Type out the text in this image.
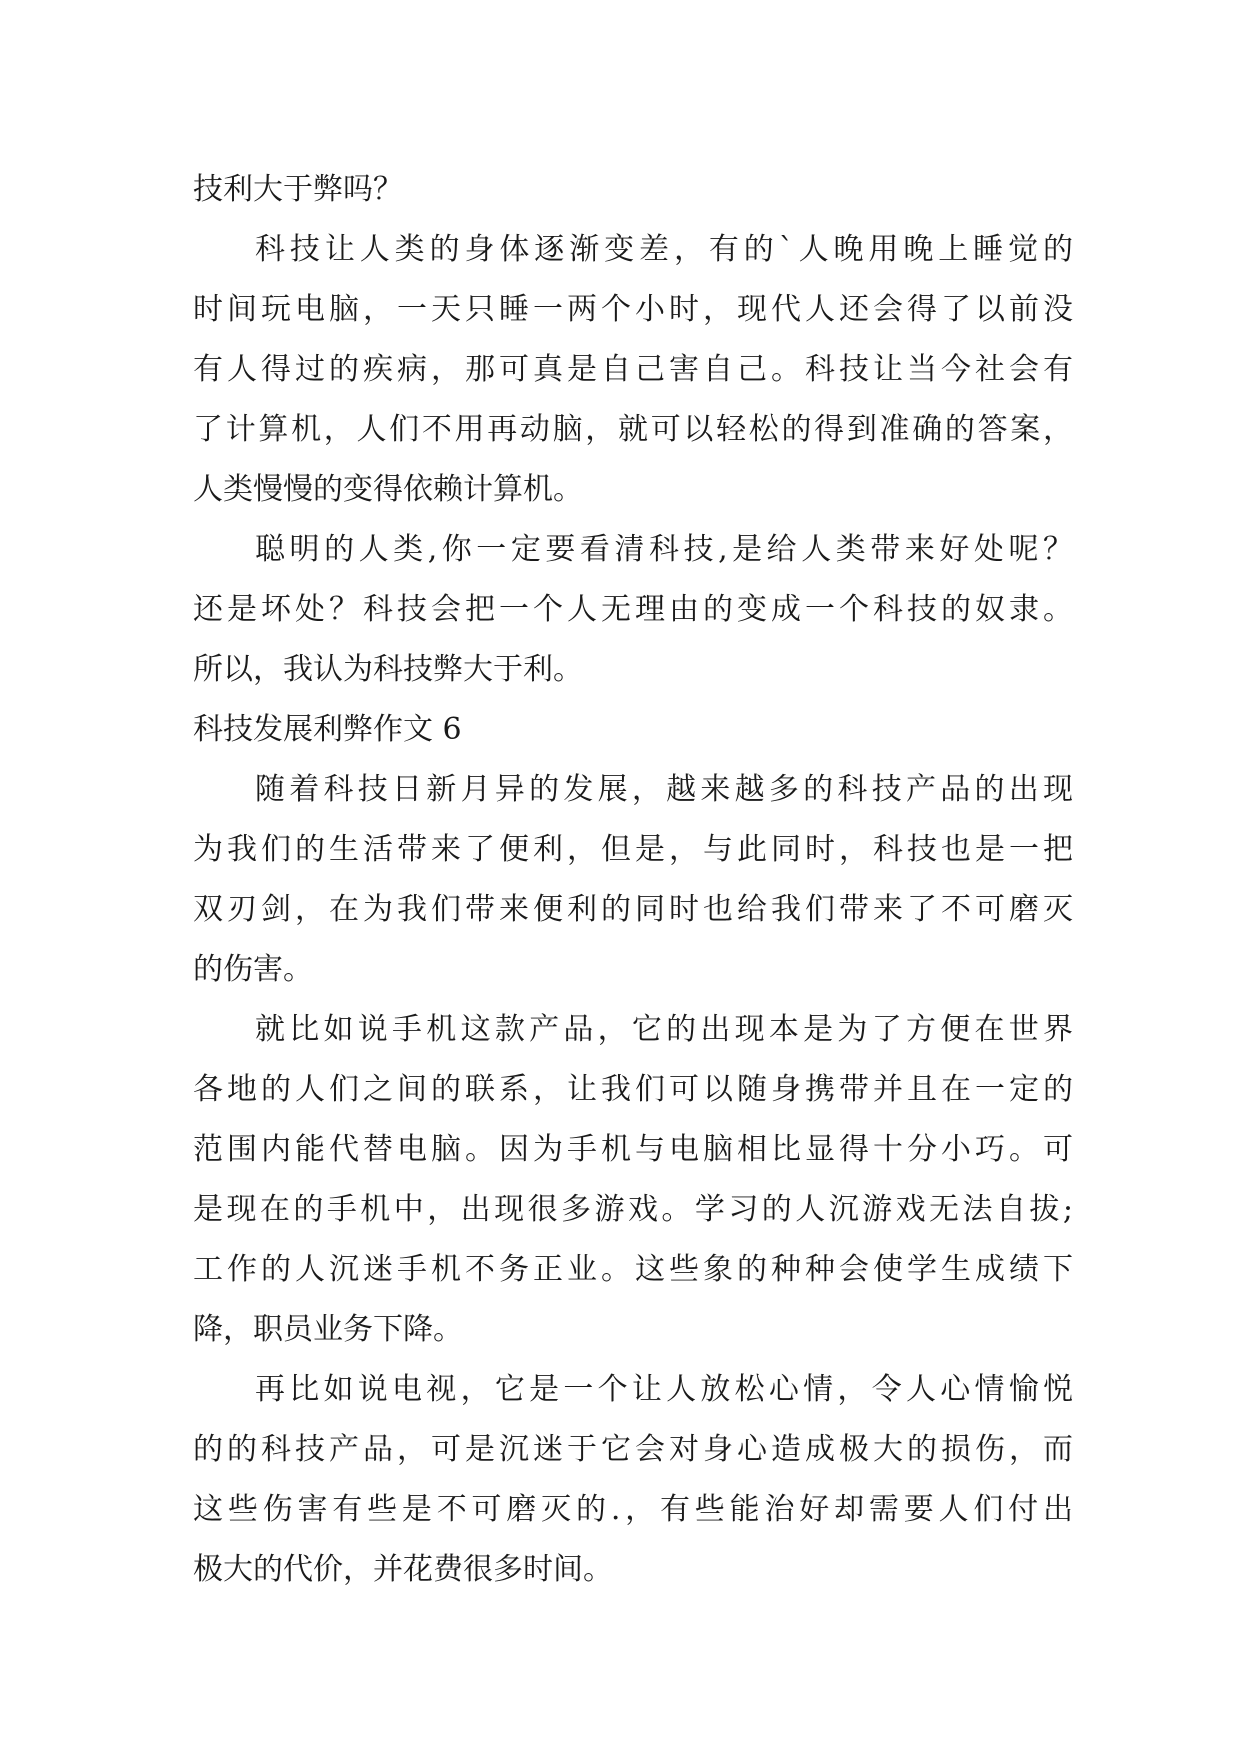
技利大于弊吗？
科技让人类的身体逐渐变差，有的`人晚用晚上睡觉的
时间玩电脑，一天只睡一两个小时，现代人还会得了以前没
有人得过的疾病，那可真是自己害自己。科技让当今社会有
了计算机，人们不用再动脑，就可以轻松的得到准确的答案，
人类慢慢的变得依赖计算机。
聪明的人类,你一定要看清科技,是给人类带来好处呢？
还是坏处？科技会把一个人无理由的变成一个科技的奴隶。
所以，我认为科技弊大于利。
科技发展利弊作文 6
随着科技日新月异的发展，越来越多的科技产品的出现
为我们的生活带来了便利，但是，与此同时，科技也是一把
双刃剑，在为我们带来便利的同时也给我们带来了不可磨灭
的伤害。
就比如说手机这款产品，它的出现本是为了方便在世界
各地的人们之间的联系，让我们可以随身携带并且在一定的
范围内能代替电脑。因为手机与电脑相比显得十分小巧。可
是现在的手机中，出现很多游戏。学习的人沉游戏无法自拔;
工作的人沉迷手机不务正业。这些象的种种会使学生成绩下
降，职员业务下降。
再比如说电视，它是一个让人放松心情，令人心情愉悦
的的科技产品，可是沉迷于它会对身心造成极大的损伤，而
这些伤害有些是不可磨灭的.，有些能治好却需要人们付出
极大的代价，并花费很多时间。
